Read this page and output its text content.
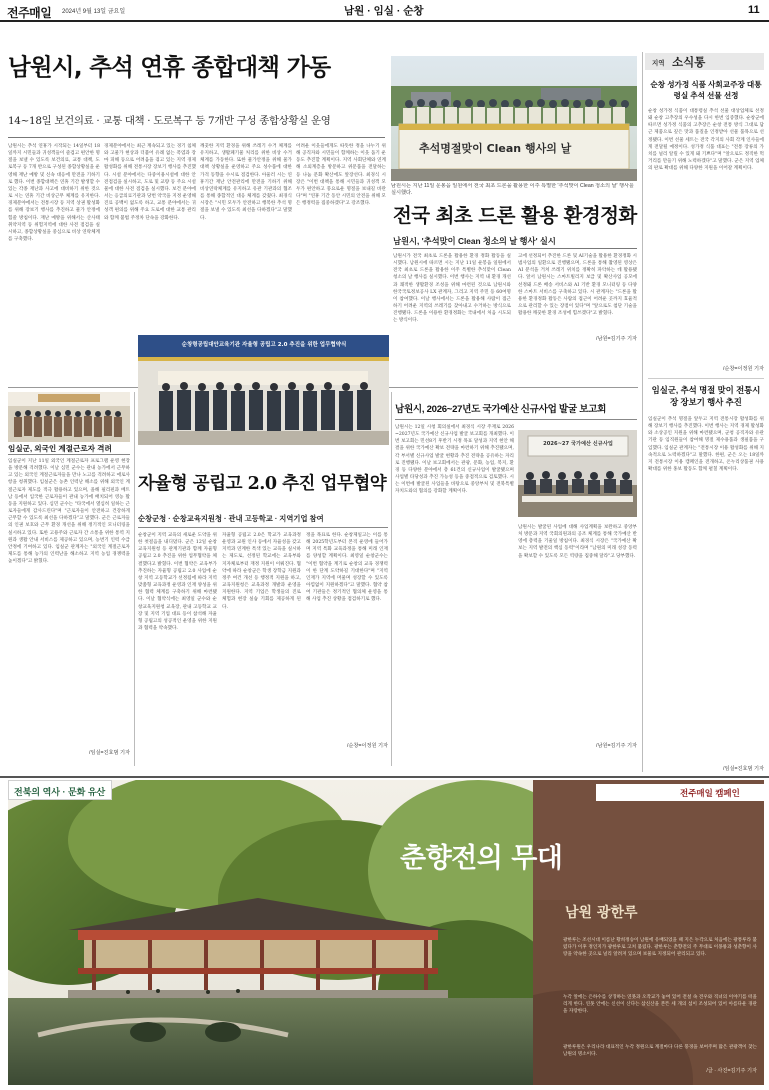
전주매일 2024년 9월 13일 금요일	남원 · 임실 · 순창	11
남원시, 추석 연휴 종합대책 가동
14~18일 보건의료 · 교통 대책 · 도로복구 등 7개반 구성 종합상황실 운영
남원시는 추석 연휴가 시작되는 14일부터 18일까지 시민들과 귀성객들이 즐겁고 편안한 명절을 보낼 수 있도록 보건의료, 교통 대책, 도로복구 등 7개 반으로 구성된 종합상황실을 운영해 재난 예방 및 신속 대응에 만전을 기하기로 했다. 이번 종합대책은 연휴 기간 발생할 수 있는 각종 재난과 사고에 대비하기 위한 것으로 시는 연휴 기간 비상근무 체계를 유지한다. 경제분야에서는 전통시장 등 지역 상권 활성화를 위해 장보기 행사를 추진하고 물가 안정에 힘쓸 방침이다. 재난 예방을 위해서는 산사태 취약지역 등 위험지역에 대한 사전 점검을 실시하고, 종합상황실을 중심으로 비상 연락체계를 구축했다.
경제분야에서는 최근 계속되고 있는 경기 침체와 고물가 현상과 더불어 유례 없는 폭염과 장마 피해 등으로 어려움을 겪고 있는 지역 경제 활성화를 위해 전통시장 장보기 행사를 추진했다. 시설 분야에서는 다중이용시설에 대한 안전점검을 실시하고, 도로 및 교량 등 주요 시설물에 대한 사전 점검을 실시했다. 보건 분야에서는 응급의료기관과 당번 약국을 지정 운영해 진료 공백이 없도록 하고, 교통 분야에서는 귀성객 편의를 위해 주요 도로에 대한 교통 관리와 함께 불법 주정차 단속을 강화한다.
깨끗한 지역 환경을 위해 쓰레기 수거 체계를 유지하고, 생활폐기물 처리를 위한 비상 수거 체계를 가동한다. 또한 물가안정을 위해 물가대책 상황실을 운영하고 주요 성수품에 대한 가격 동향을 수시로 점검한다. 아울러 시는 연휴기간 재난 안전관리에 만전을 기하기 위해 비상연락체계를 유지하고 유관 기관과의 협조를 통해 종합적인 대응 체계를 갖췄다. 최경식 시장은 "시민 모두가 안전하고 행복한 추석 명절을 보낼 수 있도록 최선을 다하겠다"고 말했다.
어려운 이웃들에게도 따뜻한 정을 나누기 위해 공직자와 시민들이 함께하는 이웃 돕기 운동도 추진할 계획이다. 지역 사회단체와 연계해 소외계층을 방문하고 위문품을 전달하는 등 나눔 문화 확산에도 앞장선다. 최경식 시장은 "이번 대책을 통해 시민들과 귀성객 모두가 편안하고 풍요로운 명절을 보내길 바란다"며 "연휴 기간 동안 시민의 안전을 위해 모든 행정력을 집중하겠다"고 강조했다.
추석명절맞이 Clean 행사의 날
남원시는 지난 11일 운봉읍 일원에서 전국 최초 드론을 활용한 이주 특별한 '추석맞이 Clean 청소의 날' 행사를 실시했다.
전국 최초 드론 활용 환경정화
남원시, '추석맞이 Clean 청소의 날 행사' 실시
남원시가 전국 최초로 드론을 활용한 환경 정화 활동을 실시했다. 남원시에 따르면 시는 지난 11일 운봉읍 일원에서 전국 최초로 드론을 활용한 이주 특별한 추석맞이 Clean 청소의 날 행사를 실시했다. 이번 행사는 지역 내 환경 개선과 쾌적한 생활환경 조성을 위해 마련된 것으로 남원시와 한국국토정보공사 LX 관계자, 그리고 지역 주민 등 60여명이 참여했다. 이날 행사에서는 드론을 활용해 사람이 접근하기 어려운 지역의 쓰레기를 찾아내고 수거하는 방식으로 진행됐다. 드론을 이용한 환경정화는 국내에서 처음 시도되는 방식이다.
고에 선정되어 추진한 드론 및 AI기술을 활용한 환경정화 시범사업의 일환으로 진행됐으며, 드론을 통해 촬영된 영상은 AI 분석을 거쳐 쓰레기 위치를 정확히 파악하는 데 활용됐다. 앞서 남원시는 스마트빌리지 보급 및 확산사업 공모에 선정돼 드론 배송 서비스와 AI 기반 환경 모니터링 등 다양한 스마트 서비스를 구축하고 있다. 시 관계자는 "드론을 활용한 환경정화 활동은 사람의 접근이 어려운 곳까지 효율적으로 관리할 수 있는 장점이 있다"며 "앞으로도 첨단 기술을 활용한 깨끗한 환경 조성에 힘쓰겠다"고 밝혔다.
/남원=김기주 기자
지역 소식통
순창 성가정 식품 사회교주장 대통령실 추석 선물 선정
순창 성가정 식품이 대통령실 추석 선물 대상업체로 선정돼 순창 고추장의 우수성을 다시 한번 입증했다. 순창군에 따르면 성가정 식품의 고추장은 순창 전통 방식 그대로 담근 제품으로 깊은 맛과 품질을 인정받아 선물 품목으로 선정됐다. 이번 선물 세트는 전국 각지의 사회 각계 인사들에게 전달될 예정이다. 성가정 식품 대표는 "전통 장류의 가치를 널리 알릴 수 있게 돼 기쁘다"며 "앞으로도 정직한 먹거리를 만들기 위해 노력하겠다"고 말했다. 군은 지역 업체의 판로 확대를 위해 다양한 지원을 이어갈 계획이다.
/순창=이정원 기자
임실군, 추석 명절 맞이 전통시장 장보기 행사 추진
임실군이 추석 명절을 앞두고 지역 전통시장 활성화를 위해 장보기 행사를 추진했다. 이번 행사는 지역 경제 활성화와 소상공인 지원을 위해 마련됐으며, 군청 공직자와 유관기관 등 임직원들이 참여해 명절 제수용품과 생필품을 구입했다. 임실군 관계자는 "전통시장 이용 활성화를 위해 지속적으로 노력하겠다"고 말했다. 한편, 군은 오는 18일까지 전통시장 이용 캠페인을 전개하고, 온누리상품권 사용 확대를 위한 홍보 활동도 함께 펼칠 계획이다.
/임실=진효범 기자
임실군, 외국인 계절근로자 격려
임실군이 지난 11일 외국인 계절근로자 프로그램 운영 현장을 방문해 격려했다. 이날 심민 군수는 관내 농가에서 근무하고 있는 외국인 계절근로자들을 만나 노고를 격려하고 애로사항을 청취했다. 임실군은 농촌 인력난 해소를 위해 외국인 계절근로자 제도를 적극 활용하고 있으며, 올해 필리핀과 베트남 등에서 입국한 근로자들이 관내 농가에 배치되어 영농 활동을 지원하고 있다. 심민 군수는 "타국에서 열심히 일하는 근로자들에게 감사드린다"며 "근로자들이 안전하고 건강하게 근무할 수 있도록 최선을 다하겠다"고 말했다. 군은 근로자들의 인권 보호와 근무 환경 개선을 위해 정기적인 모니터링을 실시하고 있다. 또한 고용주와 근로자 간 소통을 위한 통역 지원과 생활 안내 서비스를 제공하고 있으며, 농번기 인력 수급 안정에 기여하고 있다. 임실군 관계자는 "외국인 계절근로자 제도를 통해 농가의 인력난을 해소하고 지역 농업 경쟁력을 높이겠다"고 밝혔다.
/임실=진효범 기자
순창형공립대안교육기관 자율형 공립고 2.0 추진을 위한 업무협약식
자율형 공립고 2.0 추진 업무협약
순창군청 · 순창교육지원청 · 관내 고등학교 · 지역기업 참여
순창군이 지역 교육의 새로운 도약을 위한 첫걸음을 내디뎠다. 군은 12일 순창교육지원청 등 관계기관과 함께 자율형 공립고 2.0 추진을 위한 업무협약을 체결했다고 밝혔다. 이번 협약은 교육부가 추진하는 자율형 공립고 2.0 사업에 순창 지역 고등학교가 선정됨에 따라 지역 맞춤형 교육과정 운영과 인재 양성을 위한 협력 체계를 구축하기 위해 마련됐다. 이날 협약식에는 최영일 군수와 순창교육지원청 교육장, 관내 고등학교 교장 및 지역 기업 대표 등이 참석해 자율형 공립고의 성공적인 운영을 위한 지원과 협력을 약속했다.
자율형 공립고 2.0은 학교가 교육과정 운영과 교원 인사 등에서 자율성을 갖고 지역과 연계한 특색 있는 교육을 실시하는 제도로, 선정된 학교에는 교육부와 지자체로부터 재정 지원이 이뤄진다. 협약에 따라 순창군은 학생 장학금 지원과 정주 여건 개선 등 행정적 지원을 하고, 교육지원청은 교육과정 개발과 운영을 지원한다. 지역 기업은 학생들의 진로 체험과 현장 실습 기회를 제공하게 된다.
정을 목표로 한다. 순창제일고는 이를 통해 2025학년도부터 본격 운영에 들어가며 지역 특화 교육과정을 통해 미래 인재를 양성할 계획이다. 최영일 순창군수는 "이번 협약을 계기로 순창의 교육 경쟁력이 한 단계 도약하길 기대한다"며 "지역 인재가 지역에 머물며 성장할 수 있도록 아낌없이 지원하겠다"고 말했다. 협약 참여 기관들은 정기적인 협의체 운영을 통해 사업 추진 상황을 점검하기로 했다.
/순창=이정원 기자
2026~27 국가예산 신규사업
남원시, 2026~27년도 국가예산 신규사업 발굴 보고회
남원시는 12일 시청 회의실에서 최경식 시장 주재로 2026~2027년도 국가예산 신규사업 발굴 보고회를 개최했다. 이번 보고회는 민선8기 후반기 시정 목표 달성과 지역 현안 해결을 위한 국가예산 확보 전략을 마련하기 위해 추진됐으며, 각 부서별 신규사업 발굴 현황과 추진 전략을 공유하는 자리로 진행됐다. 이날 보고회에서는 관광, 문화, 농업, 복지, 환경 등 다양한 분야에서 총 61건의 신규사업이 발굴됐으며 사업별 타당성과 추진 가능성 등을 중점적으로 검토했다. 시는 이번에 발굴된 사업들을 바탕으로 중앙부처 및 전북특별자치도와의 협의를 강화할 계획이다.
남원시는 발굴된 사업에 대해 사업계획을 보완하고 중앙부처 방문과 지역 국회의원과의 공조 체계를 통해 국가예산 반영에 총력을 기울일 방침이다. 최경식 시장은 "국가예산 확보는 지역 발전의 핵심 동력"이라며 "남원의 미래 성장 동력을 확보할 수 있도록 모든 역량을 집중해 달라"고 당부했다.
/남원=김기주 기자
전북의 역사 · 문화 유산	전주매일 캠페인
춘향전의 무대
남원 광한루
광한루는 조선시대 이름난 황희정승이 남원에 유배되었을 때 지은 누각으로 처음에는 광통루라 불렀다가 이후 정인지가 광한루로 고쳐 불렀다. 광한루는 춘향전의 주 무대로 이몽룡과 성춘향이 사랑을 약속한 곳으로 널리 알려져 있으며 보물로 지정되어 관리되고 있다.
누각 앞에는 은하수를 상징하는 연못과 오작교가 놓여 있어 전설 속 견우와 직녀의 이야기를 떠올리게 한다. 연못 안에는 신선이 산다는 삼신산을 본뜬 세 개의 섬이 조성되어 있어 아름다운 경관을 자랑한다.
광한루원은 우리나라 대표적인 누각 정원으로 계절마다 다른 풍경을 보여주며 많은 관광객이 찾는 남원의 명소이다.
/글 · 사진=김기주 기자
